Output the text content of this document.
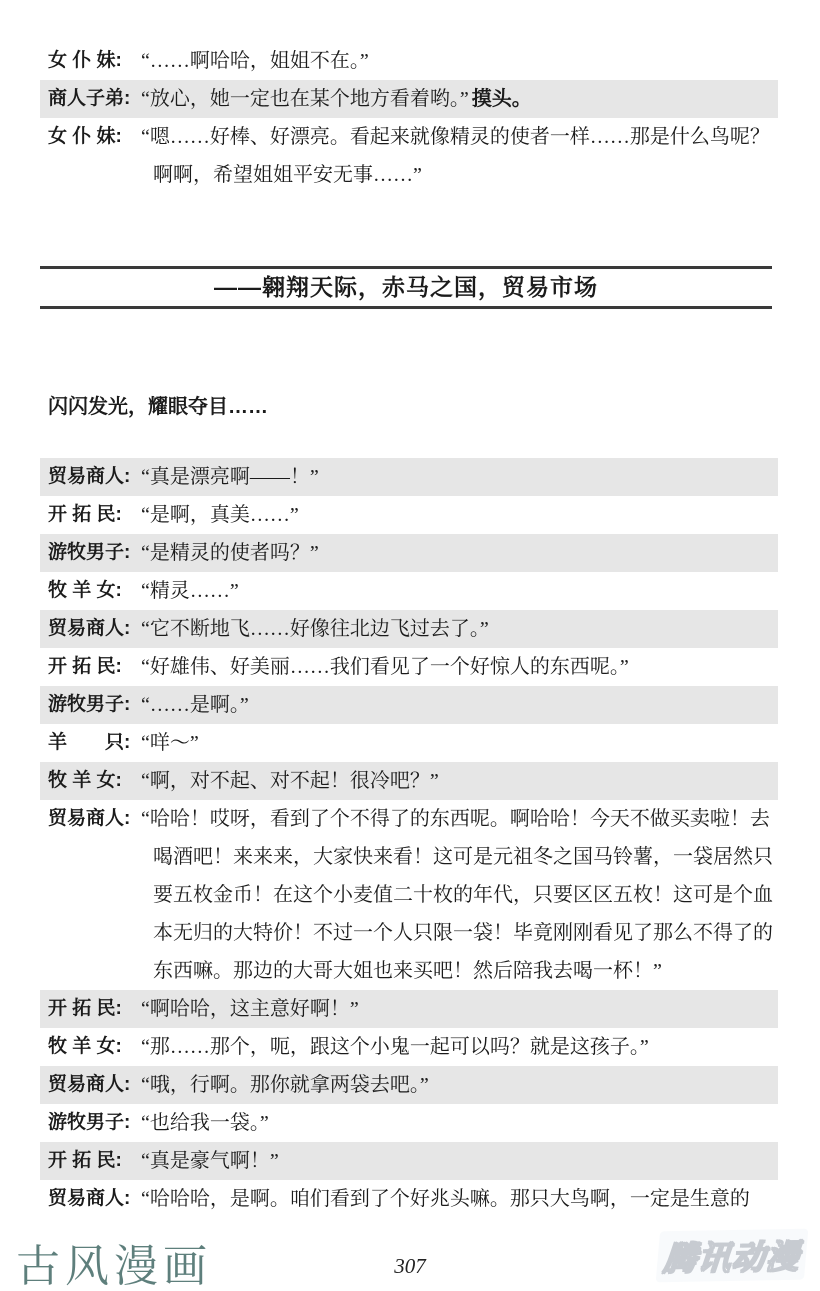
女 仆 妹: “……啊哈哈，姐姐不在。”
商人子弟: “放心，她一定也在某个地方看着哟。” 摸头。
女 仆 妹: “嗯……好棒、好漂亮。看起来就像精灵的使者一样……那是什么鸟呢？啊啊，希望姐姐平安无事……”
——翱翔天际，赤马之国，贸易市场
闪闪发光，耀眼夺目……
贸易商人: “真是漂亮啊——！”
开 拓 民: “是啊，真美……”
游牧男子: “是精灵的使者吗？”
牧 羊 女: “精灵……”
贸易商人: “它不断地飞……好像往北边飞过去了。”
开 拓 民: “好雄伟、好美丽……我们看见了一个好惊人的东西呢。”
游牧男子: “……是啊。”
羊　　只: “咩～”
牧 羊 女: “啊，对不起、对不起！很冷吧？”
贸易商人: “哈哈！哎呀，看到了个不得了的东西呢。啊哈哈！今天不做买卖啦！去喝酒吧！来来来，大家快来看！这可是元祖冬之国马铃薯，一袋居然只要五枚金币！在这个小麦值二十枚的年代，只要区区五枚！这可是个血本无归的大特价！不过一个人只限一袋！毕竟刚刚看见了那么不得了的东西嘛。那边的大哥大姐也来买吧！然后陪我去喝一杯！”
开 拓 民: “啊哈哈，这主意好啊！”
牧 羊 女: “那……那个，呃，跟这个小鬼一起可以吗？就是这孩子。”
贸易商人: “哦，行啊。那你就拿两袋去吧。”
游牧男子: “也给我一袋。”
开 拓 民: “真是豪气啊！”
贸易商人: “哈哈哈，是啊。咱们看到了个好兆头嘛。那只大鸟啊，一定是生意的
古风漫画	307	腾讯动漫
